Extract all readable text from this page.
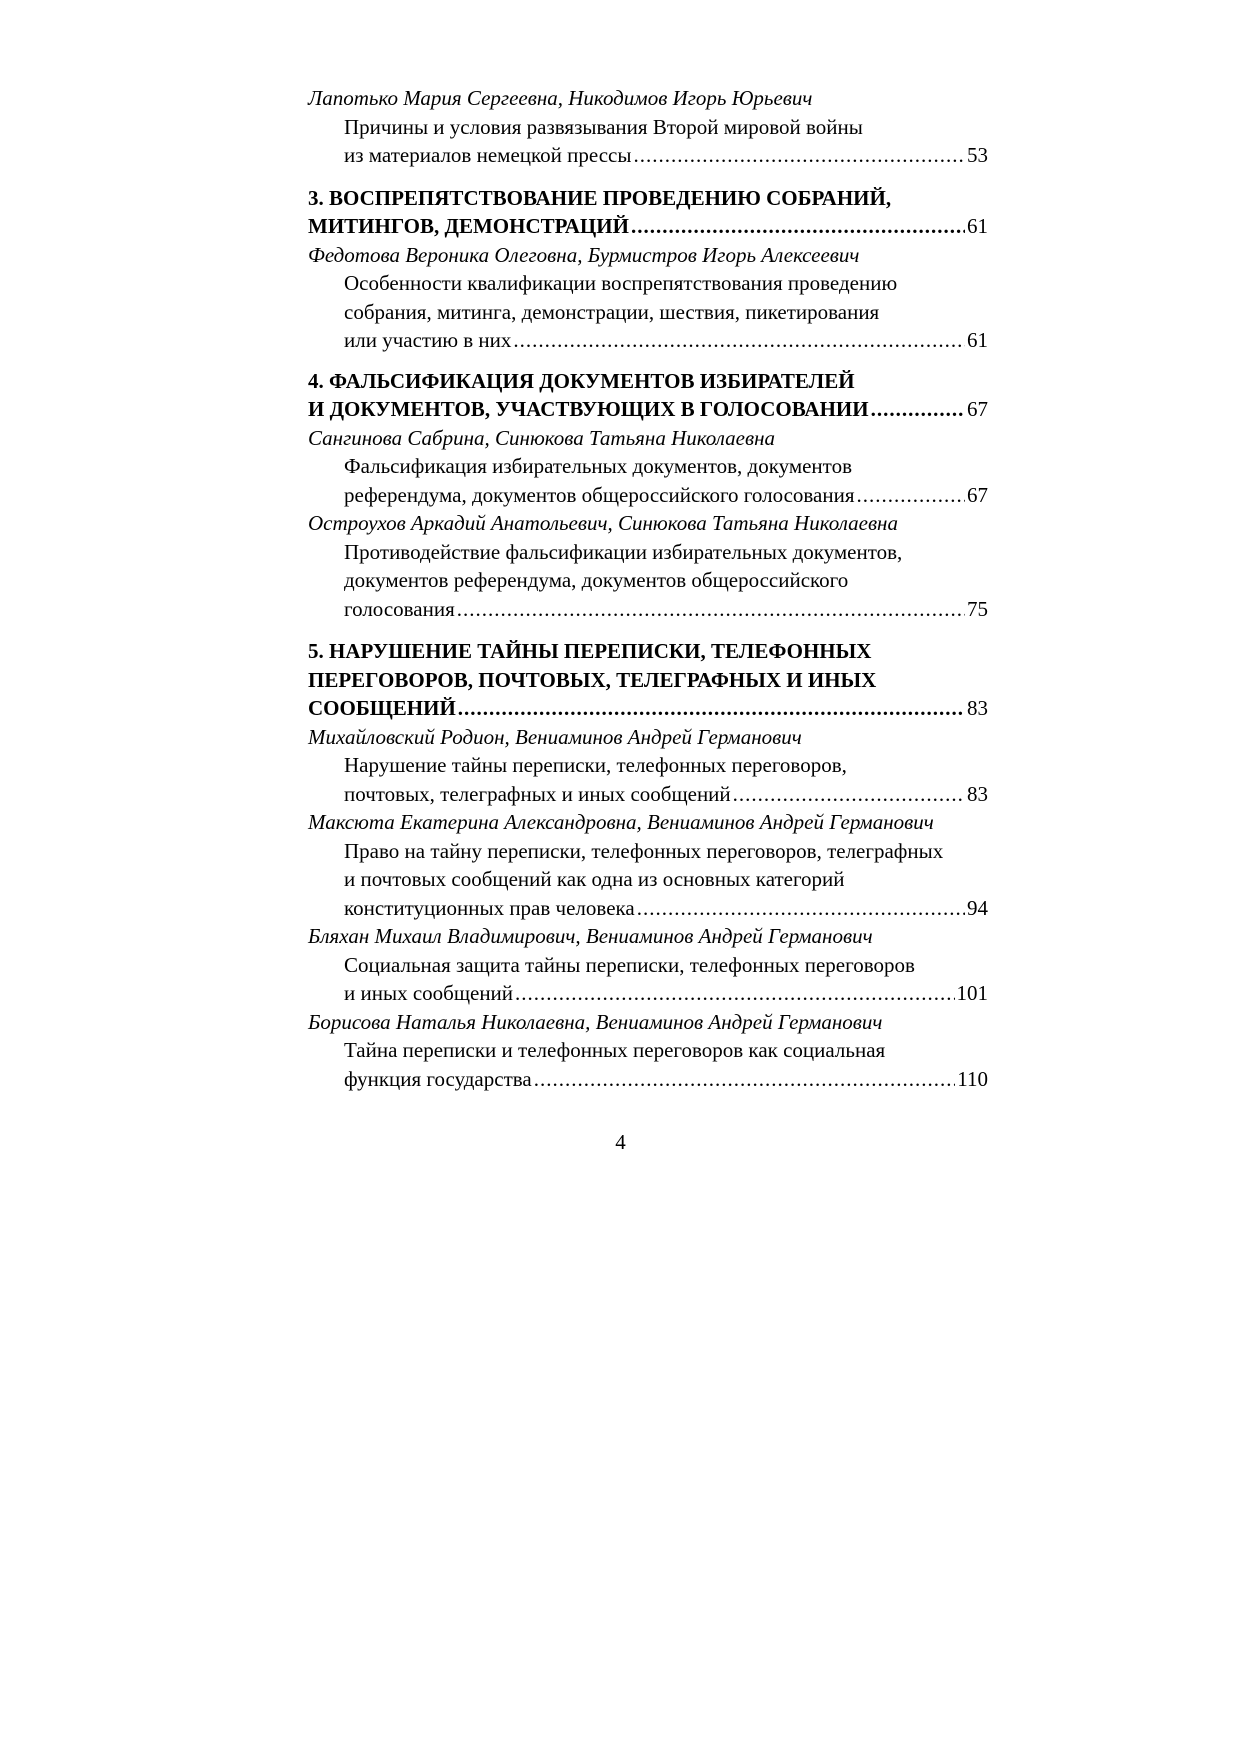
Лапотько Мария Сергеевна, Никодимов Игорь Юрьевич
Причины и условия развязывания Второй мировой войны
из материалов немецкой прессы .....	53
3. ВОСПРЕПЯТСТВОВАНИЕ ПРОВЕДЕНИЮ СОБРАНИЙ,
МИТИНГОВ, ДЕМОНСТРАЦИЙ .....	61
Федотова Вероника Олеговна, Бурмистров Игорь Алексеевич
Особенности квалификации воспрепятствования проведению
собрания, митинга, демонстрации, шествия, пикетирования
или участию в них .....	61
4. ФАЛЬСИФИКАЦИЯ ДОКУМЕНТОВ ИЗБИРАТЕЛЕЙ
И ДОКУМЕНТОВ, УЧАСТВУЮЩИХ В ГОЛОСОВАНИИ .....	67
Сангинова Сабрина, Синюкова Татьяна Николаевна
Фальсификация избирательных документов, документов
референдума, документов общероссийского голосования .....	67
Остроухов Аркадий Анатольевич, Синюкова Татьяна Николаевна
Противодействие фальсификации избирательных документов,
документов референдума, документов общероссийского
голосования .....	75
5. НАРУШЕНИЕ ТАЙНЫ ПЕРЕПИСКИ, ТЕЛЕФОННЫХ
ПЕРЕГОВОРОВ, ПОЧТОВЫХ, ТЕЛЕГРАФНЫХ И ИНЫХ
СООБЩЕНИЙ .....	83
Михайловский Родион, Вениаминов Андрей Германович
Нарушение тайны переписки, телефонных переговоров,
почтовых, телеграфных и иных сообщений .....	83
Максюта Екатерина Александровна, Вениаминов Андрей Германович
Право на тайну переписки, телефонных переговоров, телеграфных
и почтовых сообщений как одна из основных категорий
конституционных прав человека .....	94
Бляхан Михаил Владимирович, Вениаминов Андрей Германович
Социальная защита тайны переписки, телефонных переговоров
и иных сообщений .....	101
Борисова Наталья Николаевна, Вениаминов Андрей Германович
Тайна переписки и телефонных переговоров как социальная
функция государства .....	110
4
